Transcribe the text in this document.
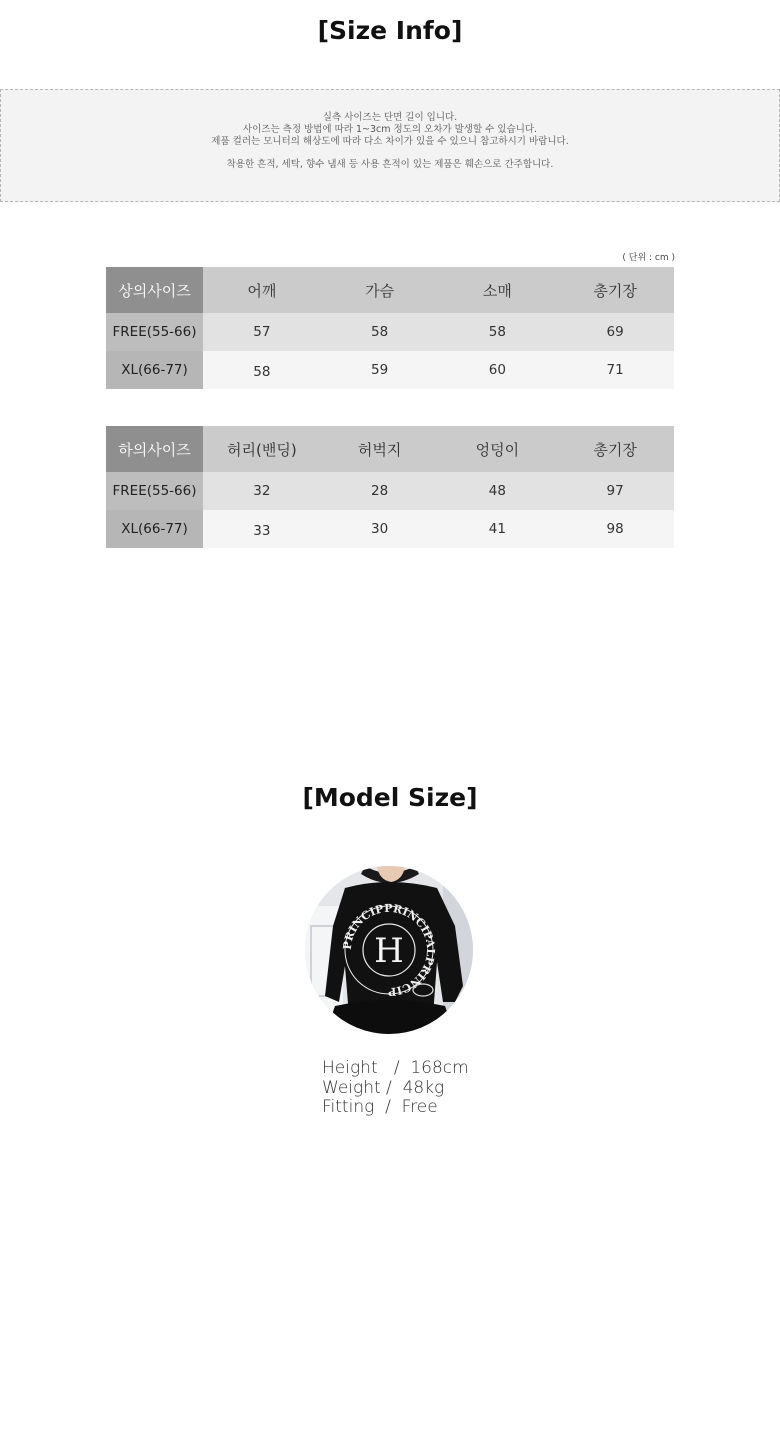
[Size Info]

실측 사이즈는 단면 길이 입니다.

사이즈는 측정 방법에 따라 1~3cm 정도의 오차가 발생할 수 있습니다.

제품 컬러는 모니터의 해상도에 따라 다소 차이가 있을 수 있으니 참고하시기 바랍니다.

착용한 흔적, 세탁, 향수 냄새 등 사용 흔적이 있는 제품은 훼손으로 간주합니다.

( 단위 : cm )
상의사이즈	어깨	가슴	소매	총기장
FREE(55-66)	57	58	58	69
XL(66-77)	58	59	60	71
하의사이즈	허리(밴딩)	허벅지	엉덩이	총기장
FREE(55-66)	32	28	48	97
XL(66-77)	33	30	41	98
[Model Size]
PRINCIPPRINCIPALPRINCIP
H
Height   /  168cm
Weight /  48kg
Fitting  /  Free
